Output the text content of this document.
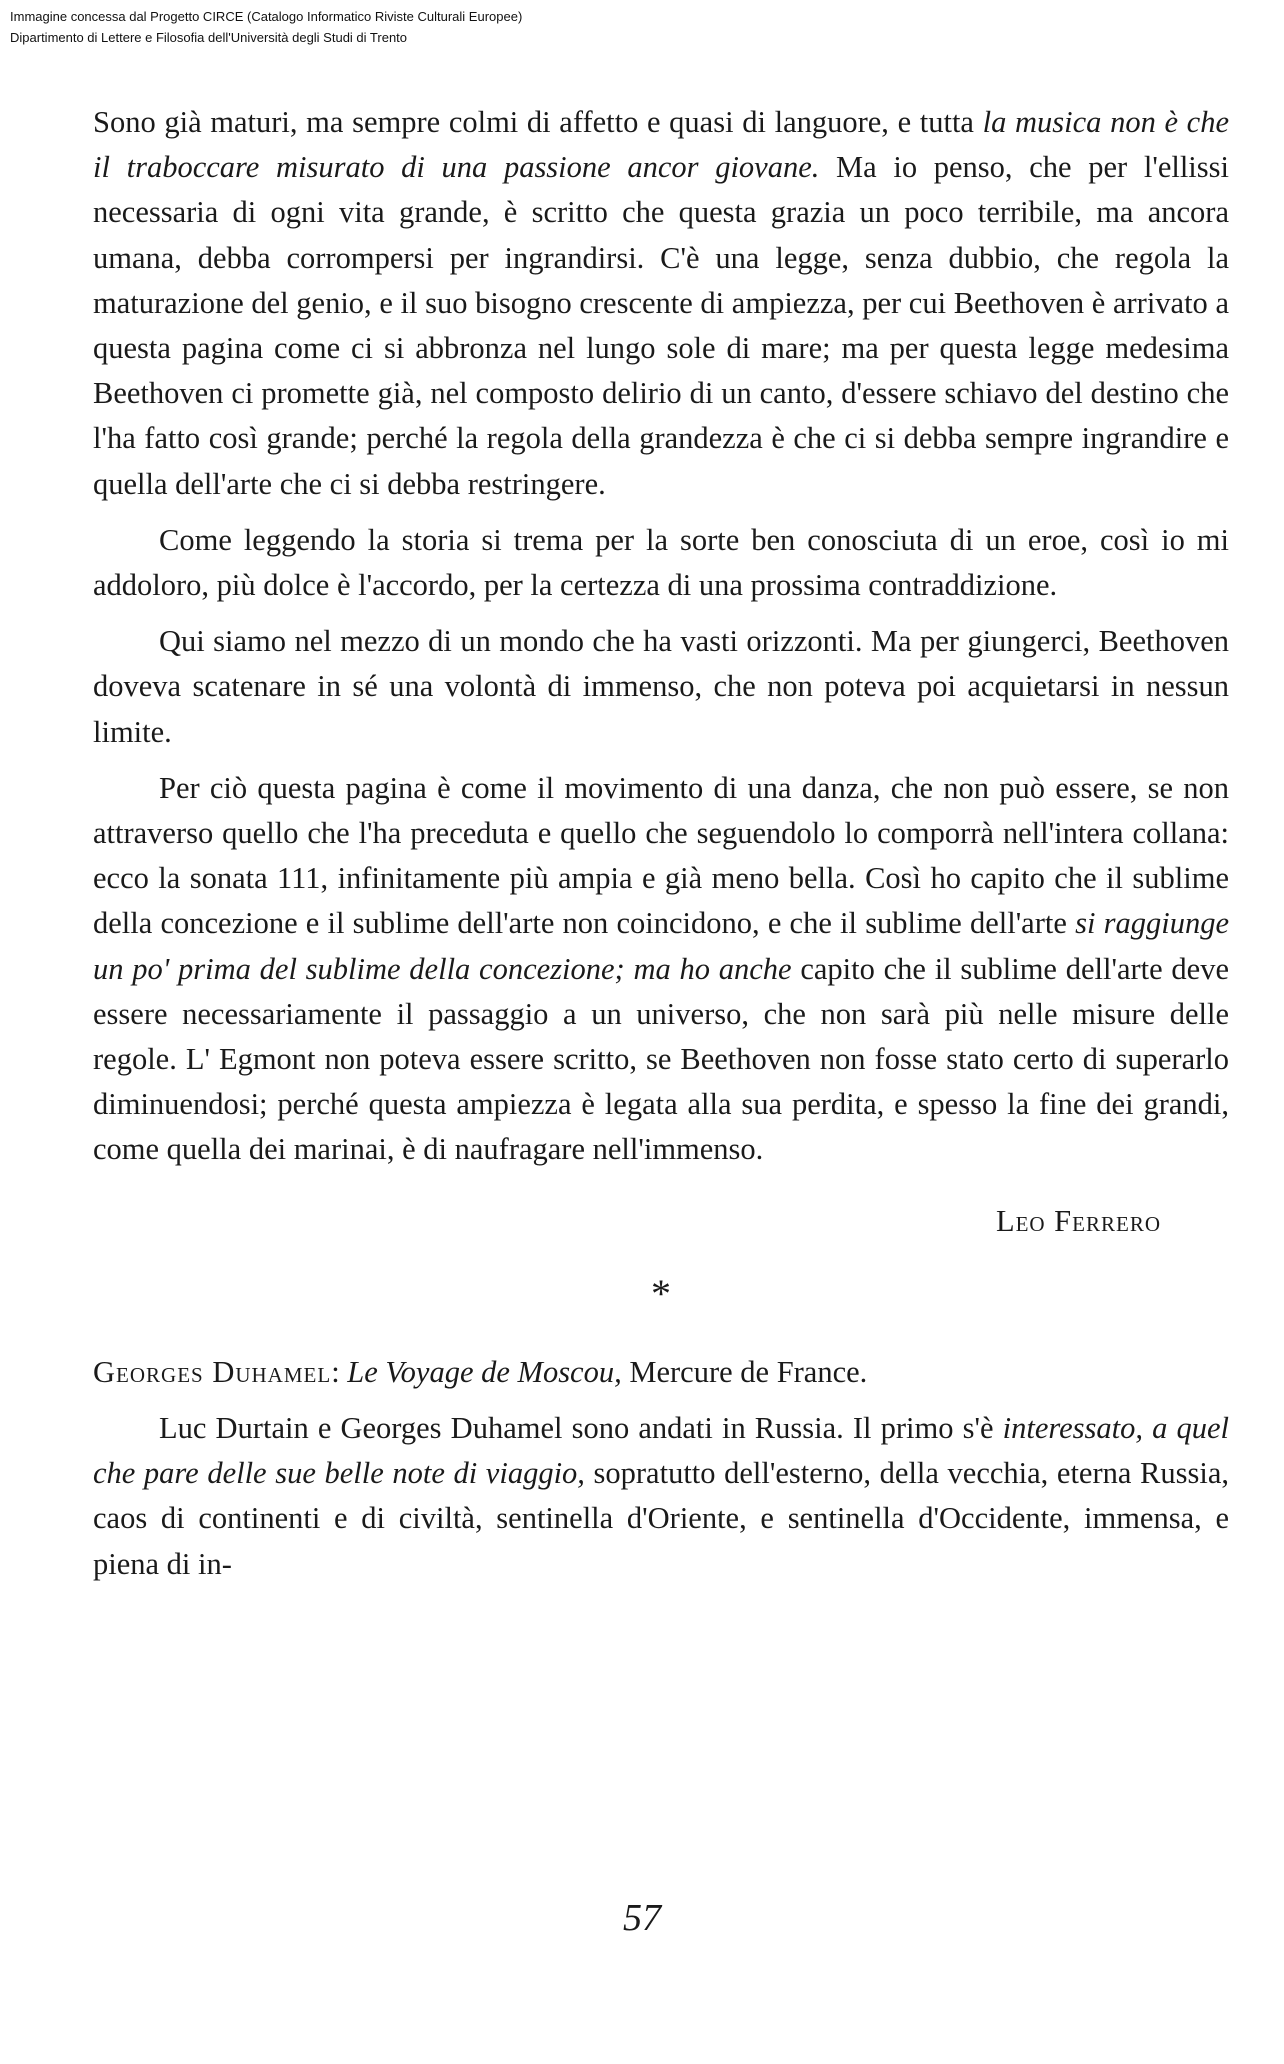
Immagine concessa dal Progetto CIRCE (Catalogo Informatico Riviste Culturali Europee)
Dipartimento di Lettere e Filosofia dell'Università degli Studi di Trento

Sono già maturi, ma sempre colmi di affetto e quasi di languore, e tutta la musica non è che il traboccare misurato di una passione ancor giovane. Ma io penso, che per l'ellissi necessaria di ogni vita grande, è scritto che questa grazia un poco terribile, ma ancora umana, debba corrompersi per ingrandirsi. C'è una legge, senza dubbio, che regola la maturazione del genio, e il suo bisogno crescente di ampiezza, per cui Beethoven è arrivato a questa pagina come ci si abbronza nel lungo sole di mare; ma per questa legge medesima Beethoven ci promette già, nel composto delirio di un canto, d'essere schiavo del destino che l'ha fatto così grande; perché la regola della grandezza è che ci si debba sempre ingrandire e quella dell'arte che ci si debba restringere.

Come leggendo la storia si trema per la sorte ben conosciuta di un eroe, così io mi addoloro, più dolce è l'accordo, per la certezza di una prossima contraddizione.

Qui siamo nel mezzo di un mondo che ha vasti orizzonti. Ma per giungerci, Beethoven doveva scatenare in sé una volontà di immenso, che non poteva poi acquietarsi in nessun limite.

Per ciò questa pagina è come il movimento di una danza, che non può essere, se non attraverso quello che l'ha preceduta e quello che seguendolo lo comporrà nell'intera collana: ecco la sonata 111, infinitamente più ampia e già meno bella. Così ho capito che il sublime della concezione e il sublime dell'arte non coincidono, e che il sublime dell'arte si raggiunge un po' prima del sublime della concezione; ma ho anche capito che il sublime dell'arte deve essere necessariamente il passaggio a un universo, che non sarà più nelle misure delle regole. L' Egmont non poteva essere scritto, se Beethoven non fosse stato certo di superarlo diminuendosi; perché questa ampiezza è legata alla sua perdita, e spesso la fine dei grandi, come quella dei marinai, è di naufragare nell'immenso.

Leo Ferrero
*

Georges Duhamel: Le Voyage de Moscou, Mercure de France.

Luc Durtain e Georges Duhamel sono andati in Russia. Il primo s'è interessato, a quel che pare delle sue belle note di viaggio, sopratutto dell'esterno, della vecchia, eterna Russia, caos di continenti e di civiltà, sentinella d'Oriente, e sentinella d'Occidente, immensa, e piena di in-

57
